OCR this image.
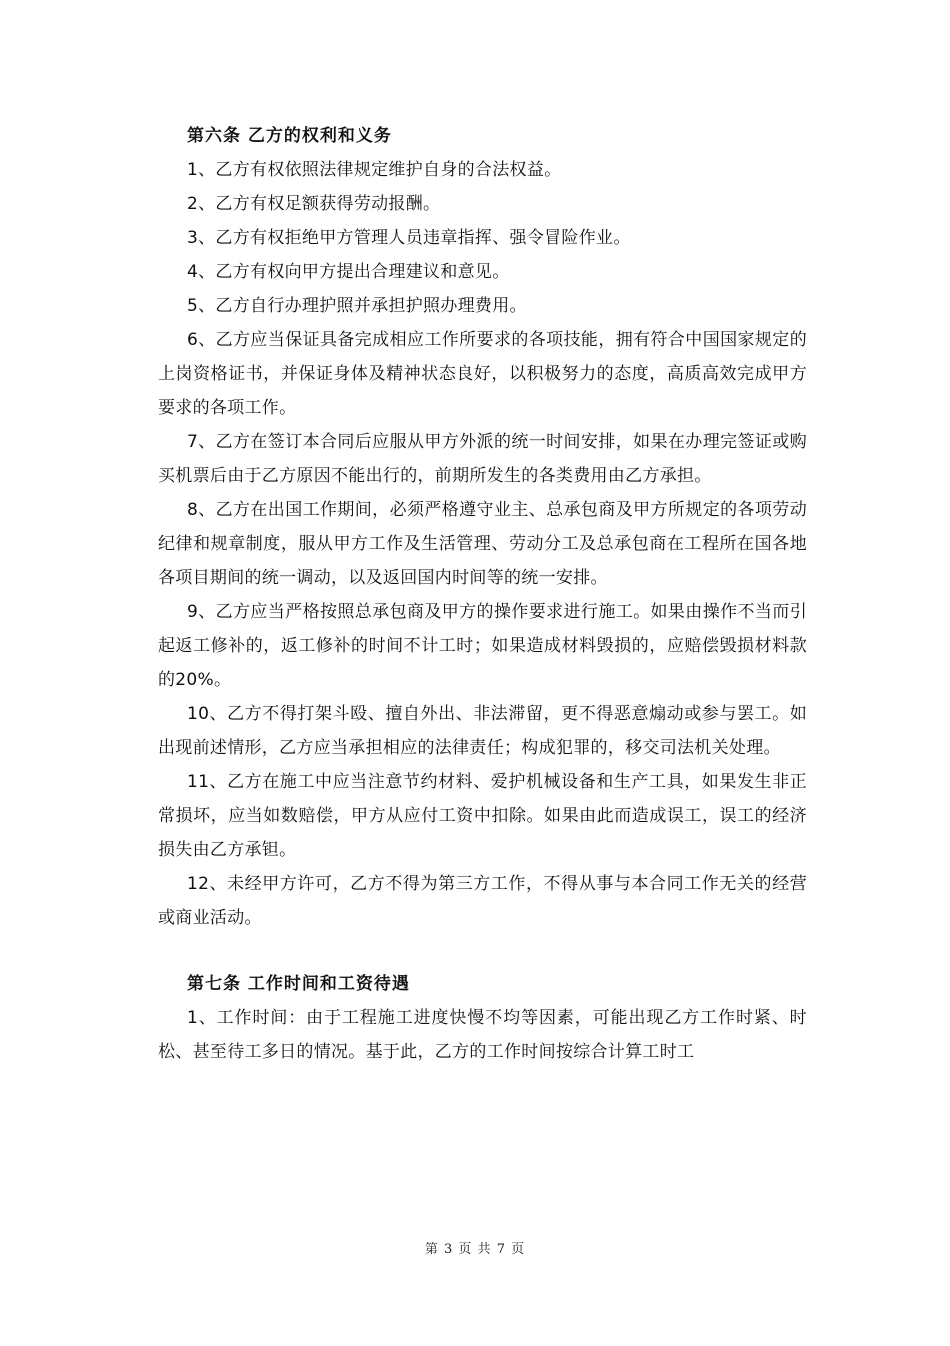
第六条 乙方的权利和义务

1、乙方有权依照法律规定维护自身的合法权益。

2、乙方有权足额获得劳动报酬。

3、乙方有权拒绝甲方管理人员违章指挥、强令冒险作业。

4、乙方有权向甲方提出合理建议和意见。

5、乙方自行办理护照并承担护照办理费用。

6、乙方应当保证具备完成相应工作所要求的各项技能，拥有符合中国国家规定的上岗资格证书，并保证身体及精神状态良好，以积极努力的态度，高质高效完成甲方要求的各项工作。

7、乙方在签订本合同后应服从甲方外派的统一时间安排，如果在办理完签证或购买机票后由于乙方原因不能出行的，前期所发生的各类费用由乙方承担。

8、乙方在出国工作期间，必须严格遵守业主、总承包商及甲方所规定的各项劳动纪律和规章制度，服从甲方工作及生活管理、劳动分工及总承包商在工程所在国各地各项目期间的统一调动，以及返回国内时间等的统一安排。

9、乙方应当严格按照总承包商及甲方的操作要求进行施工。如果由操作不当而引起返工修补的，返工修补的时间不计工时；如果造成材料毁损的，应赔偿毁损材料款的20%。

10、乙方不得打架斗殴、擅自外出、非法滞留，更不得恶意煽动或参与罢工。如出现前述情形，乙方应当承担相应的法律责任；构成犯罪的，移交司法机关处理。

11、乙方在施工中应当注意节约材料、爱护机械设备和生产工具，如果发生非正常损坏，应当如数赔偿，甲方从应付工资中扣除。如果由此而造成误工，误工的经济损失由乙方承钽。

12、未经甲方许可，乙方不得为第三方工作，不得从事与本合同工作无关的经营或商业活动。

第七条 工作时间和工资待遇

1、工作时间：由于工程施工进度快慢不均等因素，可能出现乙方工作时紧、时松、甚至待工多日的情况。基于此，乙方的工作时间按综合计算工时工

第 3 页 共 7 页
